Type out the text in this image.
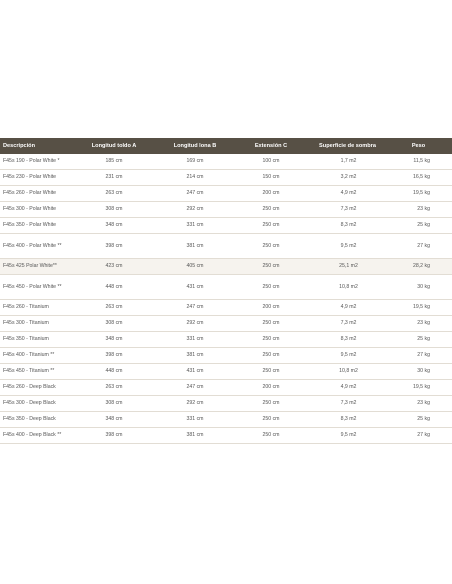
Descripción	Longitud toldo A	Longitud lona B	Extensión C	Superficie de sombra	Peso
F45s 190 - Polar White *	185 cm	169 cm	100 cm	1,7 m2	11,5 kg
F45s 230 - Polar White	231 cm	214 cm	150 cm	3,2 m2	16,5 kg
F45s 260 - Polar White	263 cm	247 cm	200 cm	4,9 m2	19,5 kg
F45s 300 - Polar White	308 cm	292 cm	250 cm	7,3 m2	23 kg
F45s 350 - Polar White	348 cm	331 cm	250 cm	8,3 m2	25 kg
F45s 400 - Polar White **	398 cm	381 cm	250 cm	9,5 m2	27 kg
F45s 425 Polar White**	423 cm	405 cm	250 cm	25,1 m2	28,2 kg
F45s 450 - Polar White **	448 cm	431 cm	250 cm	10,8 m2	30 kg
F45s 260 - Titanium	263 cm	247 cm	200 cm	4,9 m2	19,5 kg
F45s 300 - Titanium	308 cm	292 cm	250 cm	7,3 m2	23 kg
F45s 350 - Titanium	348 cm	331 cm	250 cm	8,3 m2	25 kg
F45s 400 - Titanium **	398 cm	381 cm	250 cm	9,5 m2	27 kg
F45s 450 - Titanium **	448 cm	431 cm	250 cm	10,8 m2	30 kg
F45s 260 - Deep Black	263 cm	247 cm	200 cm	4,9 m2	19,5 kg
F45s 300 - Deep Black	308 cm	292 cm	250 cm	7,3 m2	23 kg
F45s 350 - Deep Black	348 cm	331 cm	250 cm	8,3 m2	25 kg
F45s 400 - Deep Black **	398 cm	381 cm	250 cm	9,5 m2	27 kg
